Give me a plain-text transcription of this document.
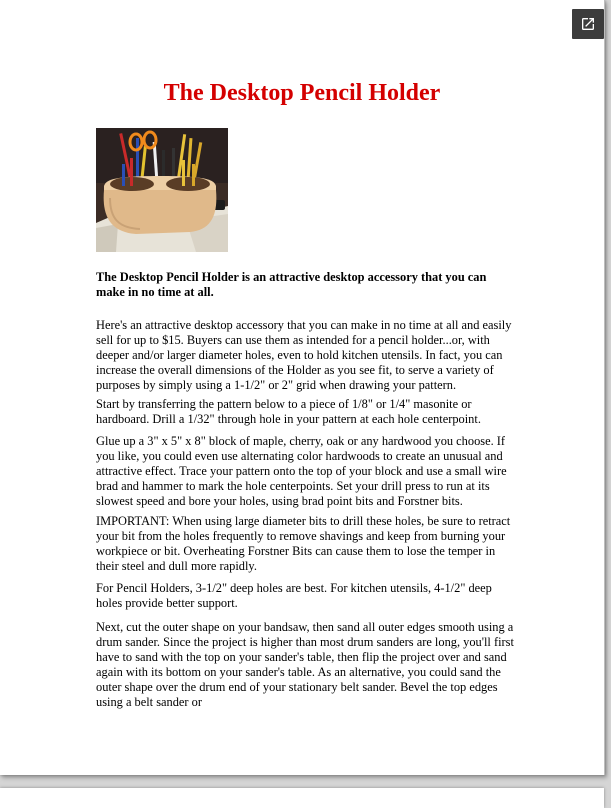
The Desktop Pencil Holder

The Desktop Pencil Holder is an attractive desktop accessory that you can make in no time at all.

Here's an attractive desktop accessory that you can make in no time at all and easily sell for up to $15. Buyers can use them as intended for a pencil holder...or, with deeper and/or larger diameter holes, even to hold kitchen utensils. In fact, you can increase the overall dimensions of the Holder as you see fit, to serve a variety of purposes by simply using a 1-1/2" or 2" grid when drawing your pattern.

Start by transferring the pattern below to a piece of 1/8" or 1/4" masonite or hardboard. Drill a 1/32" through hole in your pattern at each hole centerpoint.

Glue up a 3" x 5" x 8" block of maple, cherry, oak or any hardwood you choose. If you like, you could even use alternating color hardwoods to create an unusual and attractive effect. Trace your pattern onto the top of your block and use a small wire brad and hammer to mark the hole centerpoints. Set your drill press to run at its slowest speed and bore your holes, using brad point bits and Forstner bits.

IMPORTANT: When using large diameter bits to drill these holes, be sure to retract your bit from the holes frequently to remove shavings and keep from burning your workpiece or bit. Overheating Forstner Bits can cause them to lose the temper in their steel and dull more rapidly.

For Pencil Holders, 3-1/2" deep holes are best. For kitchen utensils, 4-1/2" deep holes provide better support.

Next, cut the outer shape on your bandsaw, then sand all outer edges smooth using a drum sander. Since the project is higher than most drum sanders are long, you'll first have to sand with the top on your sander's table, then flip the project over and sand again with its bottom on your sander's table. As an alternative, you could sand the outer shape over the drum end of your stationary belt sander. Bevel the top edges using a belt sander or
